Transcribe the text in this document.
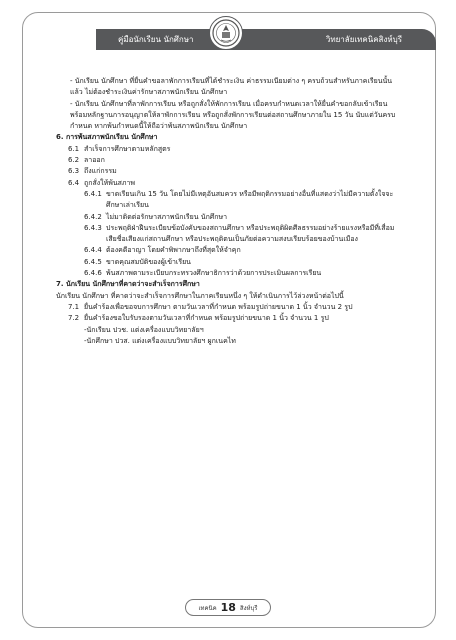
คู่มือนักเรียน นักศึกษา	วิทยาลัยเทคนิคสิงห์บุรี

- นักเรียน นักศึกษา ที่ยื่นคำขอลาพักการเรียนที่ได้ชำระเงิน ค่าธรรมเนียมต่าง ๆ ครบถ้วนสำหรับภาคเรียนนั้นแล้ว ไม่ต้องชำระเงินค่ารักษาสภาพนักเรียน นักศึกษา

- นักเรียน นักศึกษาที่ลาพักการเรียน หรือถูกสั่งให้พักการเรียน เมื่อครบกำหนดเวลาให้ยื่นคำขอกลับเข้าเรียน พร้อมหลักฐานการอนุญาตให้ลาพักการเรียน หรือถูกสั่งพักการเรียนต่อสถานศึกษาภายใน 15 วัน นับแต่วันครบกำหนด หากพ้นกำหนดนี้ให้ถือว่าพ้นสภาพนักเรียน นักศึกษา

6. การพ้นสภาพนักเรียน นักศึกษา

6.1 สำเร็จการศึกษาตามหลักสูตร
6.2 ลาออก
6.3 ถึงแก่กรรม
6.4 ถูกสั่งให้พ้นสภาพ
6.4.1 ขาดเรียนเกิน 15 วัน โดยไม่มีเหตุอันสมควร หรือมีพฤติกรรมอย่างอื่นที่แสดงว่าไม่มีความตั้งใจจะศึกษาเล่าเรียน
6.4.2 ไม่มาติดต่อรักษาสภาพนักเรียน นักศึกษา
6.4.3 ประพฤติฝ่าฝืนระเบียบข้อบังคับของสถานศึกษา หรือประพฤติผิดศีลธรรมอย่างร้ายแรงหรือมีที่เสื่อมเสียชื่อเสียงแก่สถานศึกษา หรือประพฤติตนเป็นภัยต่อความสงบเรียบร้อยของบ้านเมือง
6.4.4 ต้องคดีอาญา โดยคำพิพากษาถึงที่สุดให้จำคุก
6.4.5 ขาดคุณสมบัติของผู้เข้าเรียน
6.4.6 พ้นสภาพตามระเบียบกระทรวงศึกษาธิการว่าด้วยการประเมินผลการเรียน

7. นักเรียน นักศึกษาที่คาดว่าจะสำเร็จการศึกษา

นักเรียน นักศึกษา ที่คาดว่าจะสำเร็จการศึกษาในภาคเรียนหนึ่ง ๆ ให้ดำเนินการไว้ล่วงหน้าต่อไปนี้

7.1 ยื่นคำร้องเพื่อขอจบการศึกษา ตามวันเวลาที่กำหนด พร้อมรูปถ่ายขนาด 1 นิ้ว จำนวน 2 รูป
7.2 ยื่นคำร้องขอใบรับรองตามวันเวลาที่กำหนด พร้อมรูปถ่ายขนาด 1 นิ้ว จำนวน 1 รูป

-นักเรียน ปวช. แต่งเครื่องแบบวิทยาลัยฯ

-นักศึกษา ปวส. แต่งเครื่องแบบวิทยาลัยฯ ผูกเนคไท

เทคนิค 18 สิงห์บุรี
